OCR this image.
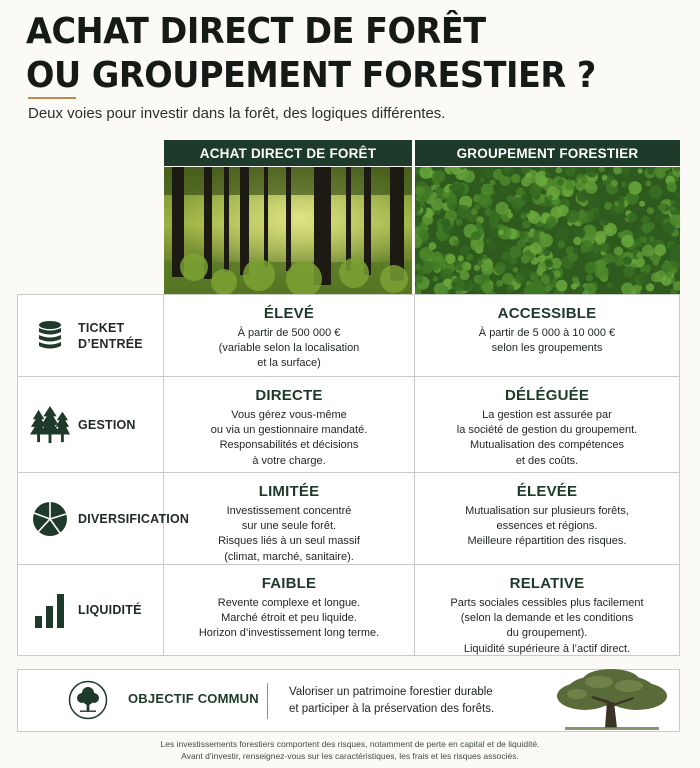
ACHAT DIRECT DE FORÊT
OU GROUPEMENT FORESTIER ?
Deux voies pour investir dans la forêt, des logiques différentes.
ACHAT DIRECT DE FORÊT	GROUPEMENT FORESTIER
TICKET
D’ENTRÉE
ÉLEVÉ
À partir de 500 000 €
(variable selon la localisation
et la surface)
ACCESSIBLE
À partir de 5 000 à 10 000 €
selon les groupements
GESTION
DIRECTE
Vous gérez vous-même
ou via un gestionnaire mandaté.
Responsabilités et décisions
à votre charge.
DÉLÉGUÉE
La gestion est assurée par
la société de gestion du groupement.
Mutualisation des compétences
et des coûts.
DIVERSIFICATION
LIMITÉE
Investissement concentré
sur une seule forêt.
Risques liés à un seul massif
(climat, marché, sanitaire).
ÉLEVÉE
Mutualisation sur plusieurs forêts,
essences et régions.
Meilleure répartition des risques.
LIQUIDITÉ
FAIBLE
Revente complexe et longue.
Marché étroit et peu liquide.
Horizon d’investissement long terme.
RELATIVE
Parts sociales cessibles plus facilement
(selon la demande et les conditions
du groupement).
Liquidité supérieure à l’actif direct.
OBJECTIF COMMUN	Valoriser un patrimoine forestier durable
et participer à la préservation des forêts.
Les investissements forestiers comportent des risques, notamment de perte en capital et de liquidité.
Avant d’investir, renseignez-vous sur les caractéristiques, les frais et les risques associés.
